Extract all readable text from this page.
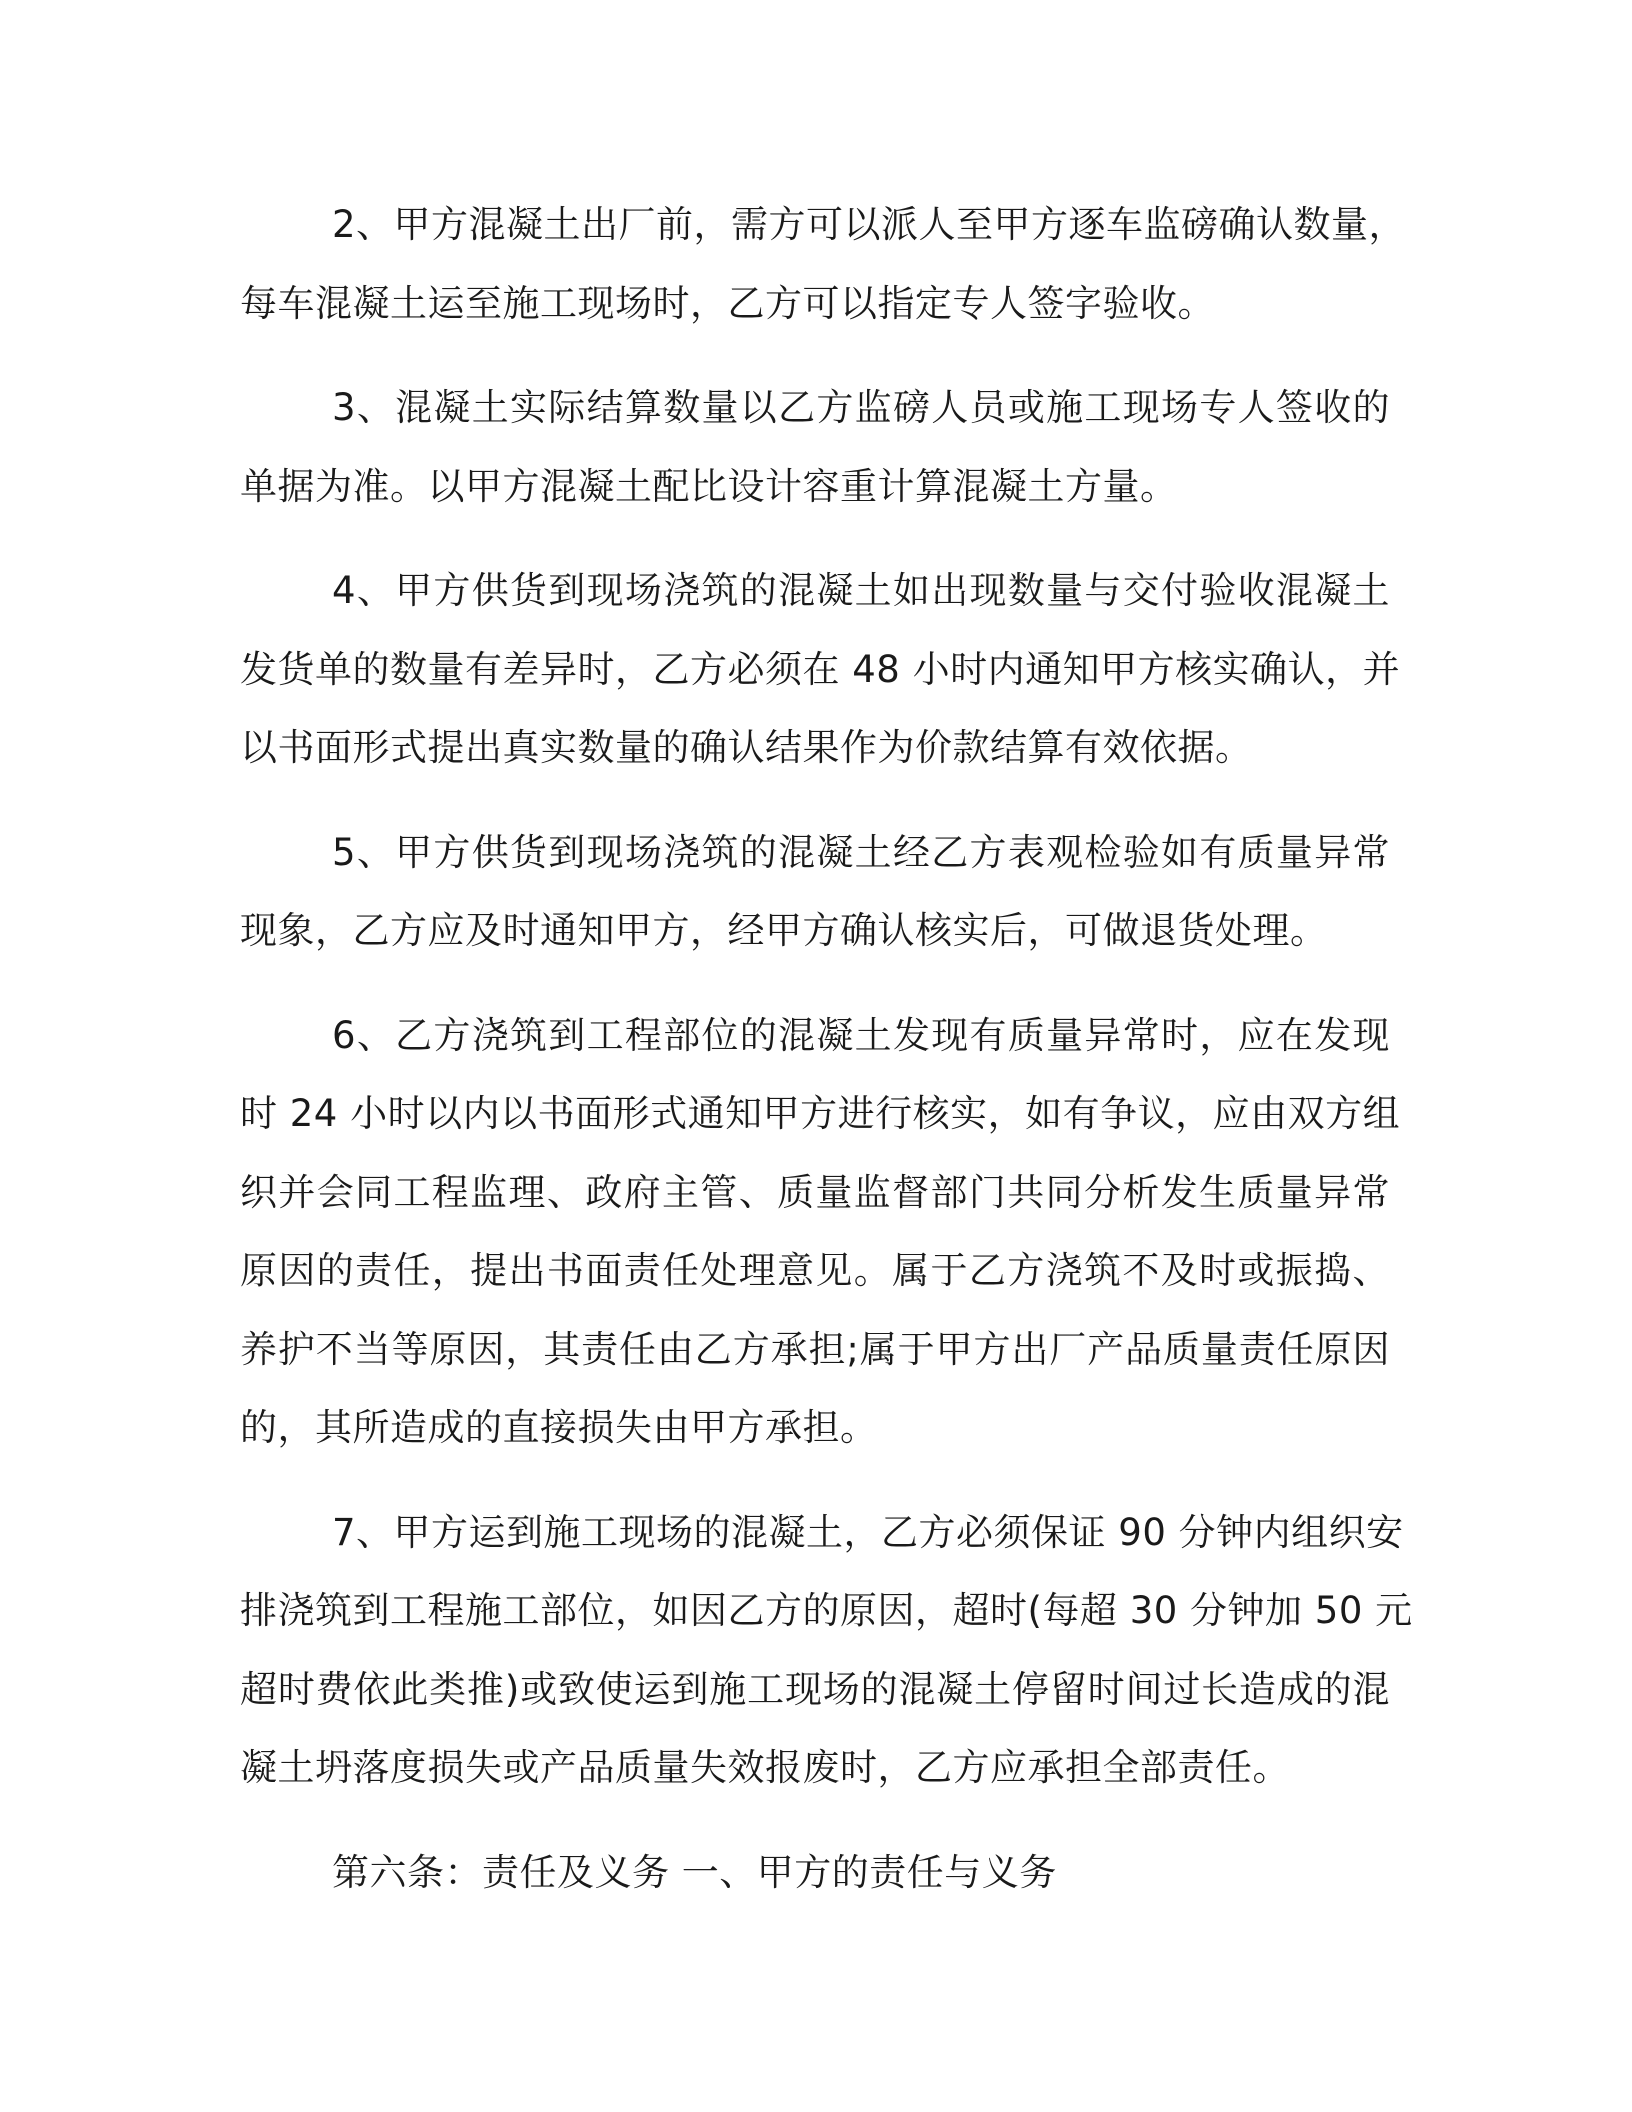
2、甲方混凝土出厂前，需方可以派人至甲方逐车监磅确认数量，
每车混凝土运至施工现场时，乙方可以指定专人签字验收。
3、混凝土实际结算数量以乙方监磅人员或施工现场专人签收的
单据为准。以甲方混凝土配比设计容重计算混凝土方量。
4、甲方供货到现场浇筑的混凝土如出现数量与交付验收混凝土
发货单的数量有差异时，乙方必须在 48 小时内通知甲方核实确认，并
以书面形式提出真实数量的确认结果作为价款结算有效依据。
5、甲方供货到现场浇筑的混凝土经乙方表观检验如有质量异常
现象，乙方应及时通知甲方，经甲方确认核实后，可做退货处理。
6、乙方浇筑到工程部位的混凝土发现有质量异常时，应在发现
时 24 小时以内以书面形式通知甲方进行核实，如有争议，应由双方组
织并会同工程监理、政府主管、质量监督部门共同分析发生质量异常
原因的责任，提出书面责任处理意见。属于乙方浇筑不及时或振捣、
养护不当等原因，其责任由乙方承担;属于甲方出厂产品质量责任原因
的，其所造成的直接损失由甲方承担。
7、甲方运到施工现场的混凝土，乙方必须保证 90 分钟内组织安
排浇筑到工程施工部位，如因乙方的原因，超时(每超 30 分钟加 50 元
超时费依此类推)或致使运到施工现场的混凝土停留时间过长造成的混
凝土坍落度损失或产品质量失效报废时，乙方应承担全部责任。
第六条：责任及义务 一、甲方的责任与义务
